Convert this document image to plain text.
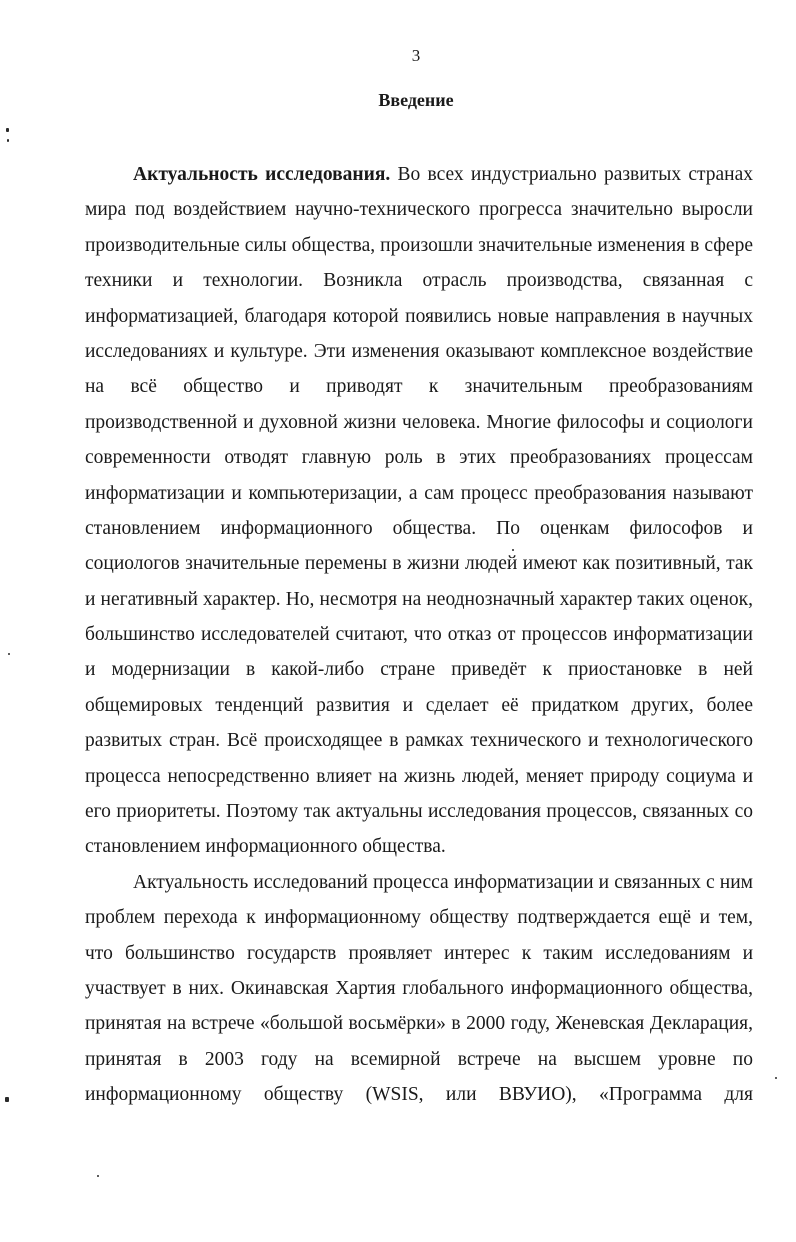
3
Введение
Актуальность исследования. Во всех индустриально развитых странах
мира под воздействием научно-технического прогресса значительно выросли
производительные силы общества, произошли значительные изменения в сфере
техники и технологии. Возникла отрасль производства, связанная с
информатизацией, благодаря которой появились новые направления в научных
исследованиях и культуре. Эти изменения оказывают комплексное воздействие
на всё общество и приводят к значительным преобразованиям
производственной и духовной жизни человека. Многие философы и социологи
современности отводят главную роль в этих преобразованиях процессам
информатизации и компьютеризации, а сам процесс преобразования называют
становлением информационного общества. По оценкам философов и
социологов значительные перемены в жизни людей имеют как позитивный, так
и негативный характер. Но, несмотря на неоднозначный характер таких оценок,
большинство исследователей считают, что отказ от процессов информатизации
и модернизации в какой-либо стране приведёт к приостановке в ней
общемировых тенденций развития и сделает её придатком других, более
развитых стран. Всё происходящее в рамках технического и технологического
процесса непосредственно влияет на жизнь людей, меняет природу социума и
его приоритеты. Поэтому так актуальны исследования процессов, связанных со
становлением информационного общества.
Актуальность исследований процесса информатизации и связанных с ним
проблем перехода к информационному обществу подтверждается ещё и тем,
что большинство государств проявляет интерес к таким исследованиям и
участвует в них. Окинавская Хартия глобального информационного общества,
принятая на встрече «большой восьмёрки» в 2000 году, Женевская Декларация,
принятая в 2003 году на всемирной встрече на высшем уровне по
информационному обществу (WSIS, или ВВУИО), «Программа для
